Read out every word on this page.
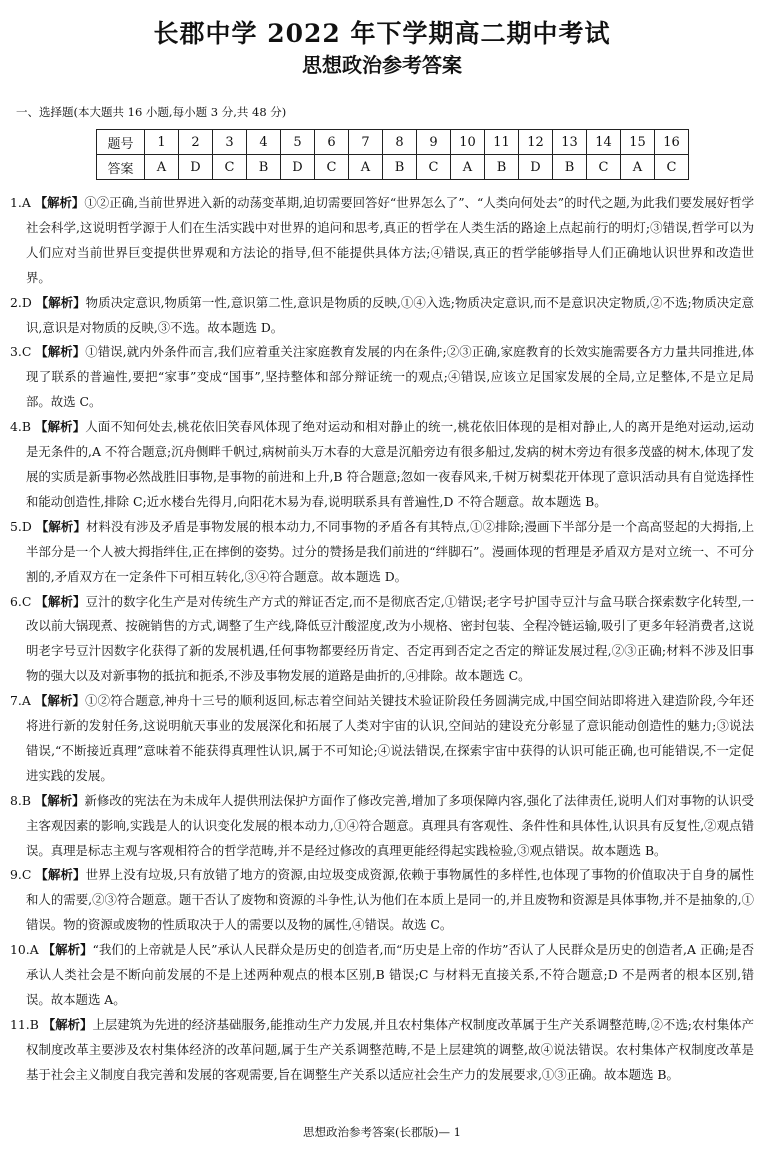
长郡中学 2022 年下学期高二期中考试
思想政治参考答案
一、选择题(本大题共 16 小题,每小题 3 分,共 48 分)
题号	1	2	3	4	5	6	7	8	9	10	11	12	13	14	15	16
答案	A	D	C	B	D	C	A	B	C	A	B	D	B	C	A	C

1.A 【解析】①②正确,当前世界进入新的动荡变革期,迫切需要回答好“世界怎么了”、“人类向何处去”的时代之题,为此我们要发展好哲学社会科学,这说明哲学源于人们在生活实践中对世界的追问和思考,真正的哲学在人类生活的路途上点起前行的明灯;③错误,哲学可以为人们应对当前世界巨变提供世界观和方法论的指导,但不能提供具体方法;④错误,真正的哲学能够指导人们正确地认识世界和改造世界。

2.D 【解析】物质决定意识,物质第一性,意识第二性,意识是物质的反映,①④入选;物质决定意识,而不是意识决定物质,②不选;物质决定意识,意识是对物质的反映,③不选。故本题选 D。

3.C 【解析】①错误,就内外条件而言,我们应着重关注家庭教育发展的内在条件;②③正确,家庭教育的长效实施需要各方力量共同推进,体现了联系的普遍性,要把“家事”变成“国事”,坚持整体和部分辩证统一的观点;④错误,应该立足国家发展的全局,立足整体,不是立足局部。故选 C。

4.B 【解析】人面不知何处去,桃花依旧笑春风体现了绝对运动和相对静止的统一,桃花依旧体现的是相对静止,人的离开是绝对运动,运动是无条件的,A 不符合题意;沉舟侧畔千帆过,病树前头万木春的大意是沉船旁边有很多船过,发病的树木旁边有很多茂盛的树木,体现了发展的实质是新事物必然战胜旧事物,是事物的前进和上升,B 符合题意;忽如一夜春风来,千树万树梨花开体现了意识活动具有自觉选择性和能动创造性,排除 C;近水楼台先得月,向阳花木易为春,说明联系具有普遍性,D 不符合题意。故本题选 B。

5.D 【解析】材料没有涉及矛盾是事物发展的根本动力,不同事物的矛盾各有其特点,①②排除;漫画下半部分是一个高高竖起的大拇指,上半部分是一个人被大拇指绊住,正在摔倒的姿势。过分的赞扬是我们前进的“绊脚石”。漫画体现的哲理是矛盾双方是对立统一、不可分割的,矛盾双方在一定条件下可相互转化,③④符合题意。故本题选 D。

6.C 【解析】豆汁的数字化生产是对传统生产方式的辩证否定,而不是彻底否定,①错误;老字号护国寺豆汁与盒马联合探索数字化转型,一改以前大锅现煮、按碗销售的方式,调整了生产线,降低豆汁酸涩度,改为小规格、密封包装、全程冷链运输,吸引了更多年轻消费者,这说明老字号豆汁因数字化获得了新的发展机遇,任何事物都要经历肯定、否定再到否定之否定的辩证发展过程,②③正确;材料不涉及旧事物的强大以及对新事物的抵抗和扼杀,不涉及事物发展的道路是曲折的,④排除。故本题选 C。

7.A 【解析】①②符合题意,神舟十三号的顺利返回,标志着空间站关键技术验证阶段任务圆满完成,中国空间站即将进入建造阶段,今年还将进行新的发射任务,这说明航天事业的发展深化和拓展了人类对宇宙的认识,空间站的建设充分彰显了意识能动创造性的魅力;③说法错误,“不断接近真理”意味着不能获得真理性认识,属于不可知论;④说法错误,在探索宇宙中获得的认识可能正确,也可能错误,不一定促进实践的发展。

8.B 【解析】新修改的宪法在为未成年人提供刑法保护方面作了修改完善,增加了多项保障内容,强化了法律责任,说明人们对事物的认识受主客观因素的影响,实践是人的认识变化发展的根本动力,①④符合题意。真理具有客观性、条件性和具体性,认识具有反复性,②观点错误。真理是标志主观与客观相符合的哲学范畴,并不是经过修改的真理更能经得起实践检验,③观点错误。故本题选 B。

9.C 【解析】世界上没有垃圾,只有放错了地方的资源,由垃圾变成资源,依赖于事物属性的多样性,也体现了事物的价值取决于自身的属性和人的需要,②③符合题意。题干否认了废物和资源的斗争性,认为他们在本质上是同一的,并且废物和资源是具体事物,并不是抽象的,①错误。物的资源或废物的性质取决于人的需要以及物的属性,④错误。故选 C。

10.A 【解析】“我们的上帝就是人民”承认人民群众是历史的创造者,而“历史是上帝的作坊”否认了人民群众是历史的创造者,A 正确;是否承认人类社会是不断向前发展的不是上述两种观点的根本区别,B 错误;C 与材料无直接关系,不符合题意;D 不是两者的根本区别,错误。故本题选 A。

11.B 【解析】上层建筑为先进的经济基础服务,能推动生产力发展,并且农村集体产权制度改革属于生产关系调整范畴,②不选;农村集体产权制度改革主要涉及农村集体经济的改革问题,属于生产关系调整范畴,不是上层建筑的调整,故④说法错误。农村集体产权制度改革是基于社会主义制度自我完善和发展的客观需要,旨在调整生产关系以适应社会生产力的发展要求,①③正确。故本题选 B。

思想政治参考答案(长郡版)— 1
